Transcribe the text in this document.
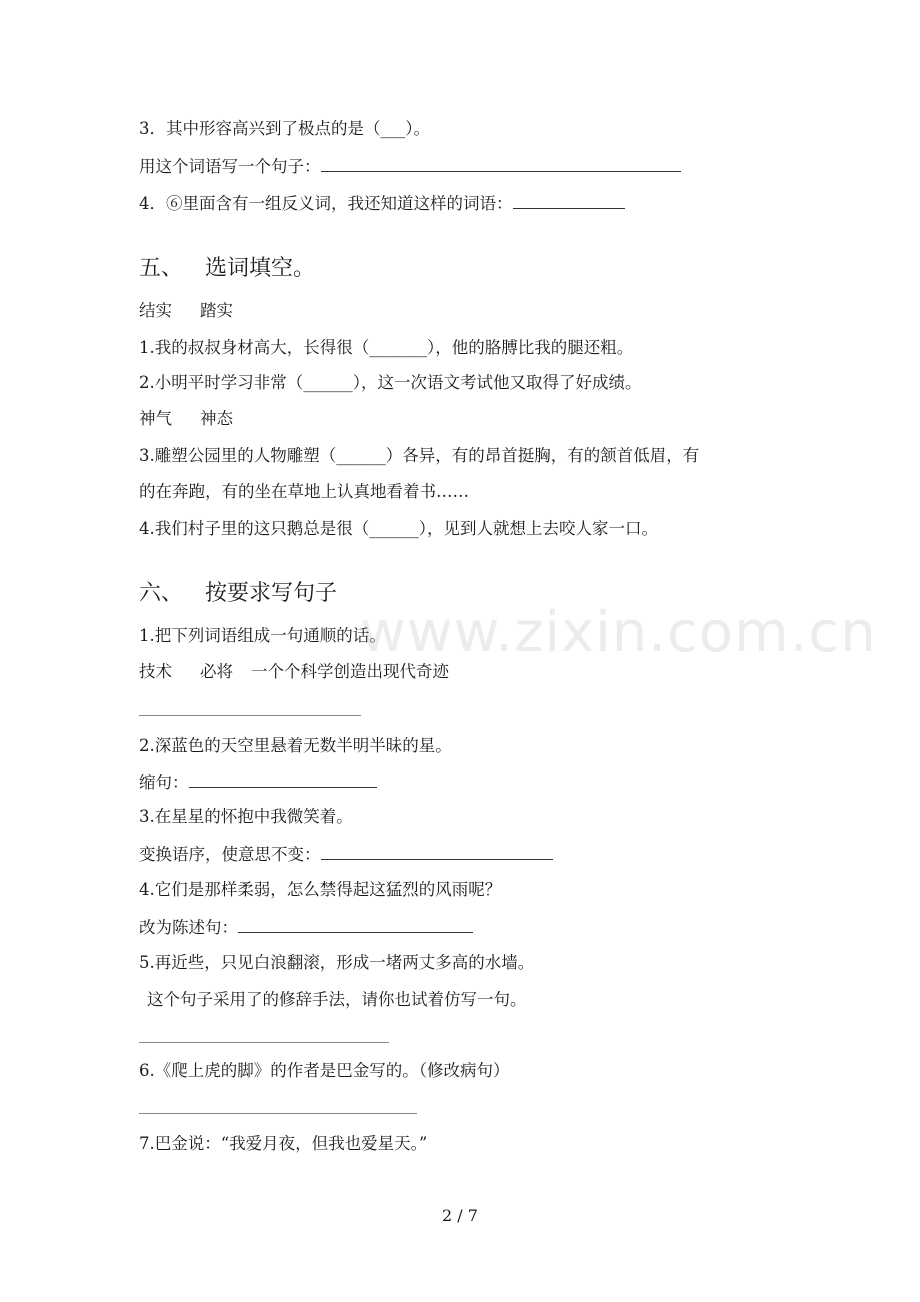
3．其中形容高兴到了极点的是（___）。
用这个词语写一个句子：
4．⑥里面含有一组反义词，我还知道这样的词语：
五、 选词填空。
结实 踏实
1.我的叔叔身材高大，长得很（_______），他的胳膊比我的腿还粗。
2.小明平时学习非常（______），这一次语文考试他又取得了好成绩。
神气 神态
3.雕塑公园里的人物雕塑（______）各异，有的昂首挺胸，有的颔首低眉，有
的在奔跑，有的坐在草地上认真地看着书……
4.我们村子里的这只鹅总是很（______），见到人就想上去咬人家一口。
六、 按要求写句子
1.把下列词语组成一句通顺的话。
技术 必将 一个个科学创造出现代奇迹
2.深蓝色的天空里悬着无数半明半昧的星。
缩句：
3.在星星的怀抱中我微笑着。
变换语序，使意思不变：
4.它们是那样柔弱，怎么禁得起这猛烈的风雨呢？
改为陈述句：
5.再近些，只见白浪翻滚，形成一堵两丈多高的水墙。
这个句子采用了的修辞手法，请你也试着仿写一句。
6.《爬上虎的脚》的作者是巴金写的。（修改病句）
7.巴金说：“我爱月夜，但我也爱星天。”
www.zixin.com.cn
2 / 7
